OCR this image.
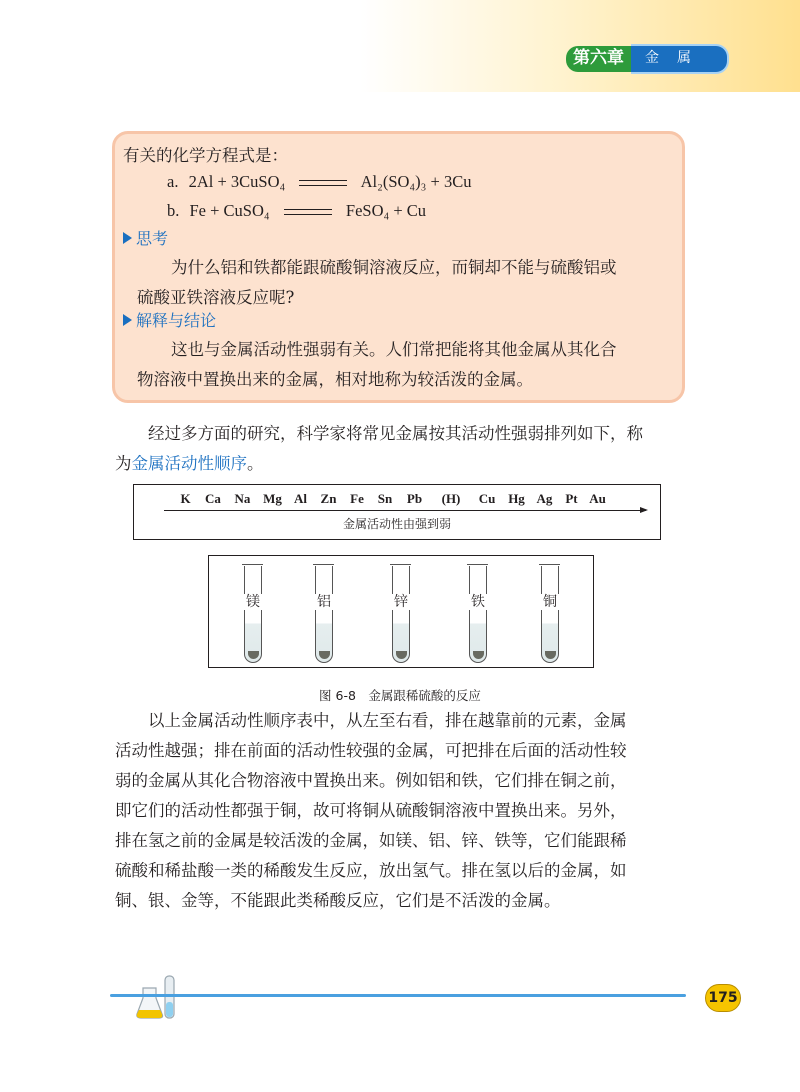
第六章	金属

有关的化学方程式是：

a. 2Al + 3CuSO₄	Al₂(SO₄)₃ + 3Cu
b. Fe + CuSO₄	FeSO₄ + Cu
思考

为什么铝和铁都能跟硫酸铜溶液反应，而铜却不能与硫酸铝或

硫酸亚铁溶液反应呢?

解释与结论

这也与金属活动性强弱有关。人们常把能将其他金属从其化合

物溶液中置换出来的金属，相对地称为较活泼的金属。

经过多方面的研究，科学家将常见金属按其活动性强弱排列如下，称
为金属活动性顺序。
K	Ca	Na Mg Al	Zn	Fe	Sn	Pb	(H)	Cu Hg Ag Pt Au
金属活动性由强到弱
镁	铝	锌	铁	铜
图 6-8　金属跟稀硫酸的反应
以上金属活动性顺序表中，从左至右看，排在越靠前的元素，金属
活动性越强；排在前面的活动性较强的金属，可把排在后面的活动性较
弱的金属从其化合物溶液中置换出来。例如铝和铁，它们排在铜之前，
即它们的活动性都强于铜，故可将铜从硫酸铜溶液中置换出来。另外，
排在氢之前的金属是较活泼的金属，如镁、铝、锌、铁等，它们能跟稀
硫酸和稀盐酸一类的稀酸发生反应，放出氢气。排在氢以后的金属，如
铜、银、金等，不能跟此类稀酸反应，它们是不活泼的金属。
175
